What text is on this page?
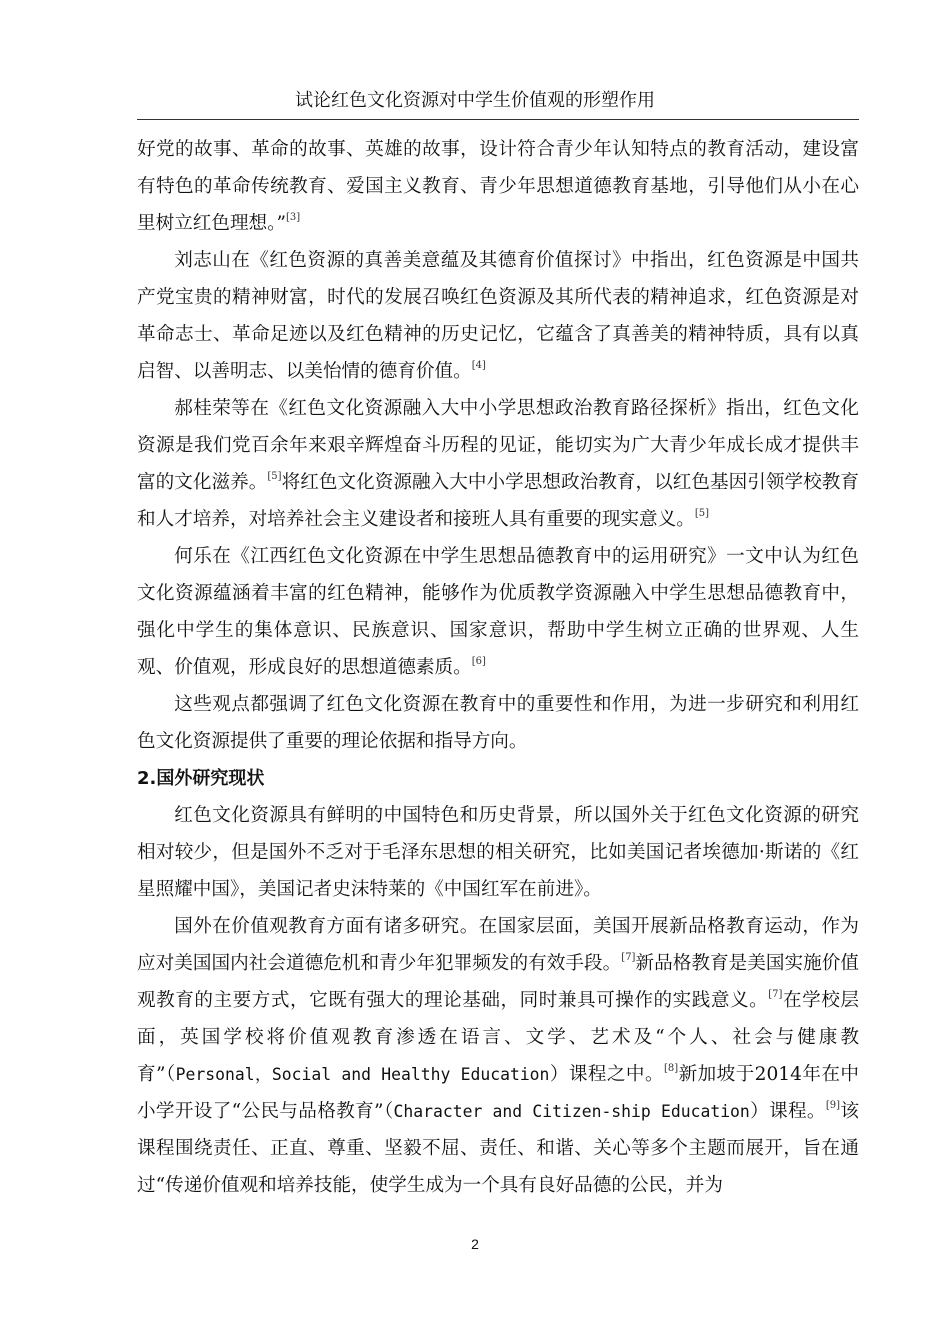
试论红色文化资源对中学生价值观的形塑作用

好党的故事、革命的故事、英雄的故事，设计符合青少年认知特点的教育活动，建设富有特色的革命传统教育、爱国主义教育、青少年思想道德教育基地，引导他们从小在心里树立红色理想。”[3]

刘志山在《红色资源的真善美意蕴及其德育价值探讨》中指出，红色资源是中国共产党宝贵的精神财富，时代的发展召唤红色资源及其所代表的精神追求，红色资源是对革命志士、革命足迹以及红色精神的历史记忆，它蕴含了真善美的精神特质，具有以真启智、以善明志、以美怡情的德育价值。[4]

郝桂荣等在《红色文化资源融入大中小学思想政治教育路径探析》指出，红色文化资源是我们党百余年来艰辛辉煌奋斗历程的见证，能切实为广大青少年成长成才提供丰富的文化滋养。[5]将红色文化资源融入大中小学思想政治教育，以红色基因引领学校教育和人才培养，对培养社会主义建设者和接班人具有重要的现实意义。[5]

何乐在《江西红色文化资源在中学生思想品德教育中的运用研究》一文中认为红色文化资源蕴涵着丰富的红色精神，能够作为优质教学资源融入中学生思想品德教育中，强化中学生的集体意识、民族意识、国家意识，帮助中学生树立正确的世界观、人生观、价值观，形成良好的思想道德素质。[6]

这些观点都强调了红色文化资源在教育中的重要性和作用，为进一步研究和利用红色文化资源提供了重要的理论依据和指导方向。

2.国外研究现状

红色文化资源具有鲜明的中国特色和历史背景，所以国外关于红色文化资源的研究相对较少，但是国外不乏对于毛泽东思想的相关研究，比如美国记者埃德加·斯诺的《红星照耀中国》，美国记者史沫特莱的《中国红军在前进》。

国外在价值观教育方面有诸多研究。在国家层面，美国开展新品格教育运动，作为应对美国国内社会道德危机和青少年犯罪频发的有效手段。[7]新品格教育是美国实施价值观教育的主要方式，它既有强大的理论基础，同时兼具可操作的实践意义。[7]在学校层面，英国学校将价值观教育渗透在语言、文学、艺术及“个人、社会与健康教育”（Personal，Social and Healthy Education）课程之中。[8]新加坡于2014年在中小学开设了“公民与品格教育”（Character and Citizen-ship Education）课程。[9]该课程围绕责任、正直、尊重、坚毅不屈、责任、和谐、关心等多个主题而展开，旨在通过“传递价值观和培养技能，使学生成为一个具有良好品德的公民，并为

2
